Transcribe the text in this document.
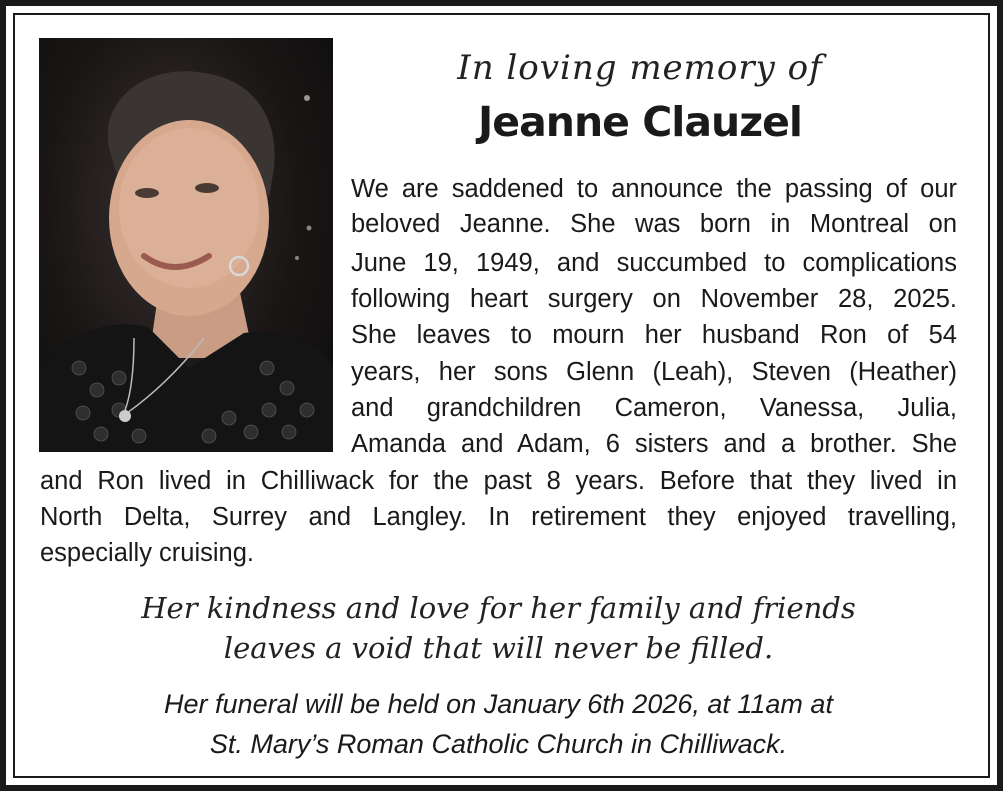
In loving memory of
Jeanne Clauzel
We are saddened to announce the passing of our
beloved Jeanne. She was born in Montreal on
June 19, 1949, and succumbed to complications
following heart surgery on November 28, 2025.
She leaves to mourn her husband Ron of 54
years, her sons Glenn (Leah), Steven (Heather)
and grandchildren Cameron, Vanessa, Julia,
Amanda and Adam, 6 sisters and a brother. She
and Ron lived in Chilliwack for the past 8 years. Before that they lived in
North Delta, Surrey and Langley. In retirement they enjoyed travelling,
especially cruising.
Her kindness and love for her family and friends
leaves a void that will never be filled.
Her funeral will be held on January 6th 2026, at 11am at
St. Mary’s Roman Catholic Church in Chilliwack.
